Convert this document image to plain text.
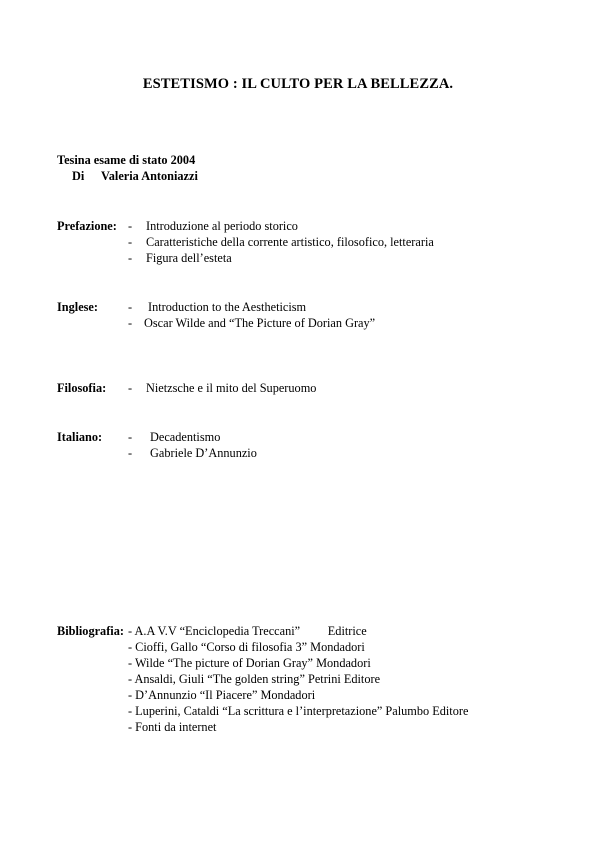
ESTETISMO : IL CULTO PER LA BELLEZZA.
Tesina esame di stato 2004
Di Valeria Antoniazzi
Prefazione: - Introduzione al periodo storico
- Caratteristiche della corrente artistico, filosofico, letteraria
- Figura dell’esteta
Inglese: - Introduction to the Aestheticism
- Oscar Wilde and “The Picture of Dorian Gray”
Filosofia: - Nietzsche e il mito del Superuomo
Italiano: - Decadentismo
- Gabriele D’Annunzio
Bibliografia: - A.A V.V “Enciclopedia Treccani”         Editrice
- Cioffi, Gallo “Corso di filosofia 3” Mondadori
- Wilde “The picture of Dorian Gray” Mondadori
- Ansaldi, Giuli “The golden string” Petrini Editore
- D’Annunzio “Il Piacere” Mondadori
- Luperini, Cataldi “La scrittura e l’interpretazione” Palumbo Editore
- Fonti da internet
